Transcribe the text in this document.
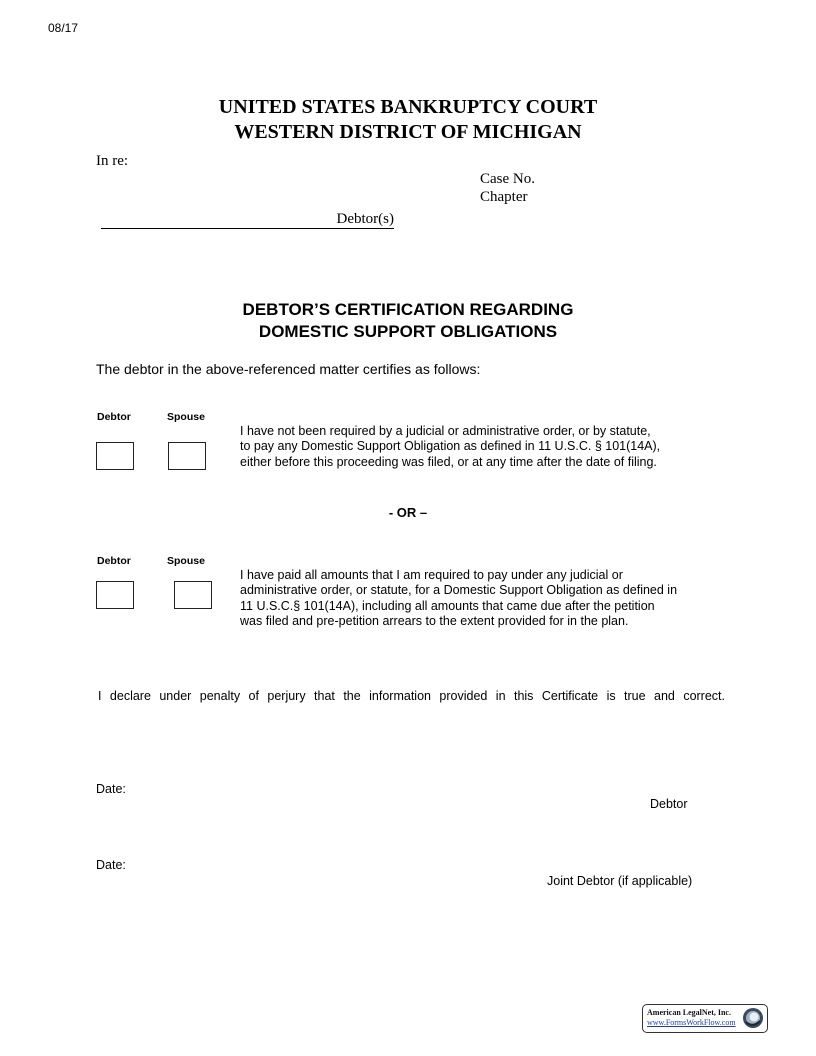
08/17
UNITED STATES BANKRUPTCY COURT
WESTERN DISTRICT OF MICHIGAN
In re:
Case No.
Chapter
Debtor(s)
DEBTOR’S CERTIFICATION REGARDING
DOMESTIC SUPPORT OBLIGATIONS
The debtor in the above-referenced matter certifies as follows:
Debtor	Spouse
I have not been required by a judicial or administrative order, or by statute,
to pay any Domestic Support Obligation as defined in 11 U.S.C. § 101(14A),
either before this proceeding was filed, or at any time after the date of filing.
- OR –
Debtor	Spouse
I have paid all amounts that I am required to pay under any judicial or
administrative order, or statute, for a Domestic Support Obligation as defined in
11 U.S.C.§ 101(14A), including all amounts that came due after the petition
was filed and pre-petition arrears to the extent provided for in the plan.
I declare under penalty of perjury that the information provided in this Certificate is true and correct.
Date:
Debtor
Date:
Joint Debtor (if applicable)
American LegalNet, Inc.
www.FormsWorkFlow.com
